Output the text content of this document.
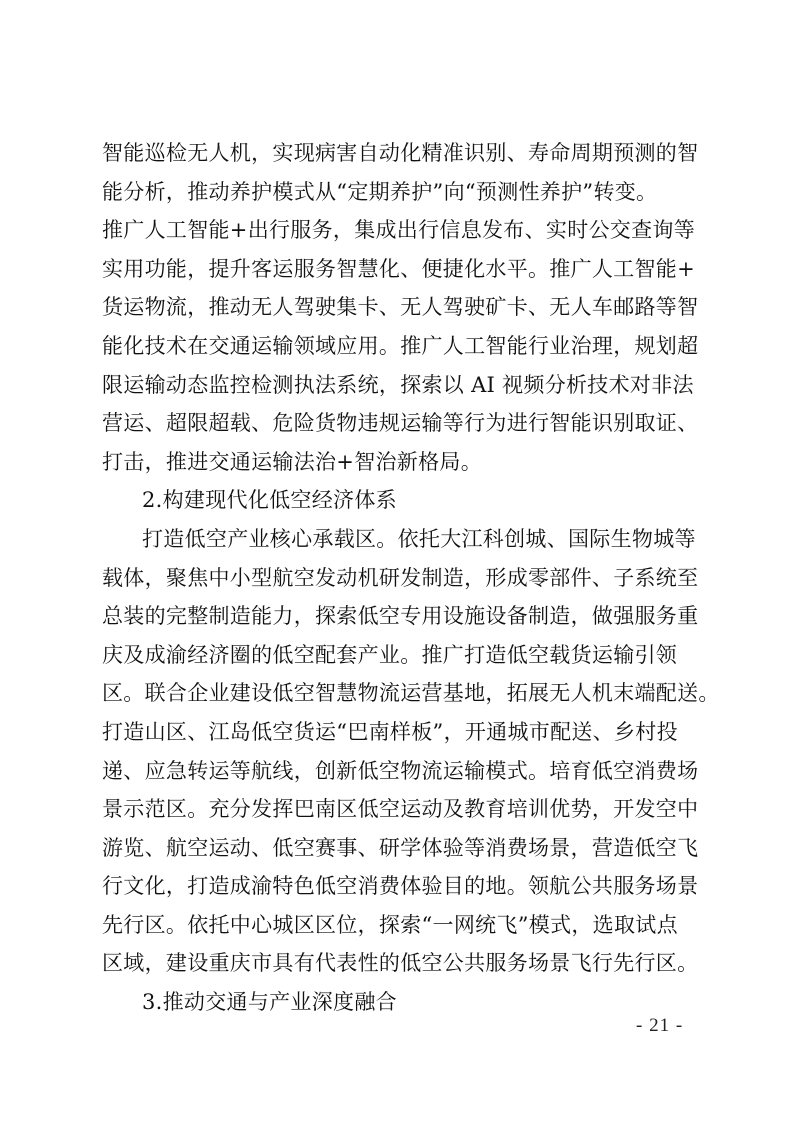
智能巡检无人机，实现病害自动化精准识别、寿命周期预测的智
能分析，推动养护模式从“定期养护”向“预测性养护”转变。
推广人工智能+出行服务，集成出行信息发布、实时公交查询等
实用功能，提升客运服务智慧化、便捷化水平。推广人工智能+
货运物流，推动无人驾驶集卡、无人驾驶矿卡、无人车邮路等智
能化技术在交通运输领域应用。推广人工智能行业治理，规划超
限运输动态监控检测执法系统，探索以 AI 视频分析技术对非法
营运、超限超载、危险货物违规运输等行为进行智能识别取证、
打击，推进交通运输法治+智治新格局。
2.构建现代化低空经济体系
打造低空产业核心承载区。依托大江科创城、国际生物城等
载体，聚焦中小型航空发动机研发制造，形成零部件、子系统至
总装的完整制造能力，探索低空专用设施设备制造，做强服务重
庆及成渝经济圈的低空配套产业。推广打造低空载货运输引领
区。联合企业建设低空智慧物流运营基地，拓展无人机末端配送。
打造山区、江岛低空货运“巴南样板”，开通城市配送、乡村投
递、应急转运等航线，创新低空物流运输模式。培育低空消费场
景示范区。充分发挥巴南区低空运动及教育培训优势，开发空中
游览、航空运动、低空赛事、研学体验等消费场景，营造低空飞
行文化，打造成渝特色低空消费体验目的地。领航公共服务场景
先行区。依托中心城区区位，探索“一网统飞”模式，选取试点
区域，建设重庆市具有代表性的低空公共服务场景飞行先行区。
3.推动交通与产业深度融合
- 21 -
